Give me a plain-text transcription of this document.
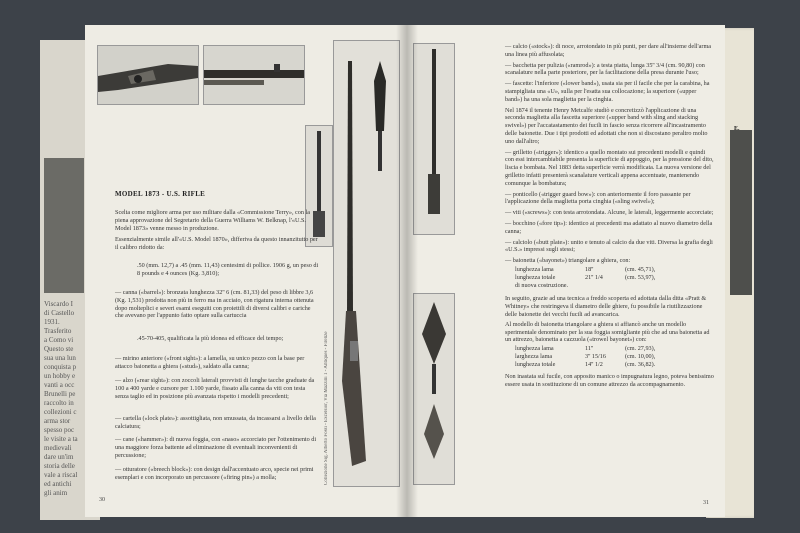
Viscardo I
di Castello
1931.
Trasferito
a Como vi
Questo ste
sua una lun
conquista p
un hobby e
vanti a occ
Brunelli pe
raccolto in
collezioni c
arma stor
spesso poc
le visite a ta
medievali
dare un'im
storia delle
vale a riscal
ed antichi
gli anim
E.
Collezione Sig. Alberto Fossi - Excelsior, Via Mazzini 1 - Antiques - Firenze
MODEL 1873 - U.S. RIFLE
Scelta come migliore arma per uso militare dalla «Commissione Terry», con la piena approvazione del Segretario della Guerra Williams W. Belknap, l'«U.S. Model 1873» venne messo in produzione.
Essenzialmente simile all'«U.S. Model 1870», differiva da questo innanzitutto per il calibro ridotto da:
.50 (mm. 12,7) a .45 (mm. 11,43) centesimi di pollice. 1906 g, un peso di 8 pounds e 4 ounces (Kg. 3,810);
— canna («barrel»): bronzata lunghezza 32'' 6 (cm. 81,33) del peso di libbre 3,6 (Kg. 1,531) prodotta non più in ferro ma in acciaio, con rigatura interna ottenuta dopo molteplici e severi esami eseguiti con proiettili di diversi calibri e cariche che avevano per l'appunto fatto optare sulla cartuccia
.45-70-405, qualificata la più idonea ed efficace del tempo;
— mirino anteriore («front sight»): a lamella, su unico pezzo con la base per attacco baionetta a ghiera («stud»), saldato alla canna;
— alzo («rear sight»): con zoccoli laterali provvisti di lunghe tacche graduate da 100 a 400 yarde e cursore per 1.100 yarde, fissato alla canna da viti con testa senza taglio ed in posizione più avanzata rispetto i modelli precedenti;
— cartella («lock plate»): assottigliata, non smussata, da incassarsi a livello della calciatura;
— cane («hammer»): di nuova foggia, con «naso» accorciato per l'ottenimento di una maggiore forza battente ad eliminazione di eventuali inconvenienti di percussione;
— otturatore («breech block»): con design dall'accentuato arco, specie nei primi esemplari e con incorporato un percussore («firing pin») a molla;
30
— calcio («stock»): di noce, arrotondato in più punti, per dare all'insieme dell'arma una linea più affusolata;
— bacchetta per pulizia («ramrod»): a testa piatta, lunga 35'' 3/4 (cm. 90,80) con scanalature nella parte posteriore, per la facilitazione della presa durante l'uso;
— fascette: l'inferiore («lower band»), usata sia per il facile che per la carabina, ha stampigliata una «U», sulla per l'esatta sua collocazione; la superiore («upper band») ha una sola maglietta per la cinghia.
Nel 1874 il tenente Henry Metcalfe studiò e concretizzò l'applicazione di una seconda maglietta alla fascetta superiore («upper band with sling and stacking swivel») per l'accatastamento dei fucili in fascio senza ricorrere all'incastramento delle baionette. Due i tipi prodotti ed adottati che non si discostano peraltro molto uno dall'altro;
— grilletto («trigger»): identico a quello montato sui precedenti modelli e quindi con essi intercambiabile presenta la superficie di appoggio, per la pressione del dito, liscia e bombata. Nel 1883 detta superficie verrà modificata. La nuova versione del grilletto infatti presenterà scanalature verticali appena accentuate, mantenendo comunque la bombatura;
— ponticello («trigger guard bow»): con anteriormente il foro passante per l'applicazione della maglietta porta cinghia («sling swivel»);
— viti («screws»): con testa arrotondata. Alcune, le laterali, leggermente accorciate;
— bocchino («fore tip»): identico ai precedenti ma adattato al nuovo diametro della canna;
— calciolo («butt plate»): unito e tenuto al calcio da due viti. Diversa la grafia degli «U.S.» impressi sugli stessi;
— baionetta («bayonet») triangolare a ghiera, con:
lunghezza lama	18''	(cm. 45,71),
lunghezza totale	21'' 1/4	(cm. 53,97),
di nuova costruzione.
In seguito, grazie ad una tecnica a freddo scoperta ed adottata dalla ditta «Pratt & Whitney» che restringeva il diametro delle ghiere, fu possibile la riutilizzazione delle baionette dei vecchi fucili ad avancarica.
Al modello di baionetta triangolare a ghiera si affiancò anche un modello sperimentale denominato per la sua foggia somigliante più che ad una baionetta ad un attrezzo, baionetta a cazzuola («trowel bayonet») con:
lunghezza lama	11''	(cm. 27,93),
larghezza lama	3'' 15/16	(cm. 10,00),
lunghezza totale	14'' 1/2	(cm. 36,82).
Non inastata sul fucile, con apposito manico o impugnatura legno, poteva benissimo essere usata in sostituzione di un comune attrezzo da accompagnamento.
31
